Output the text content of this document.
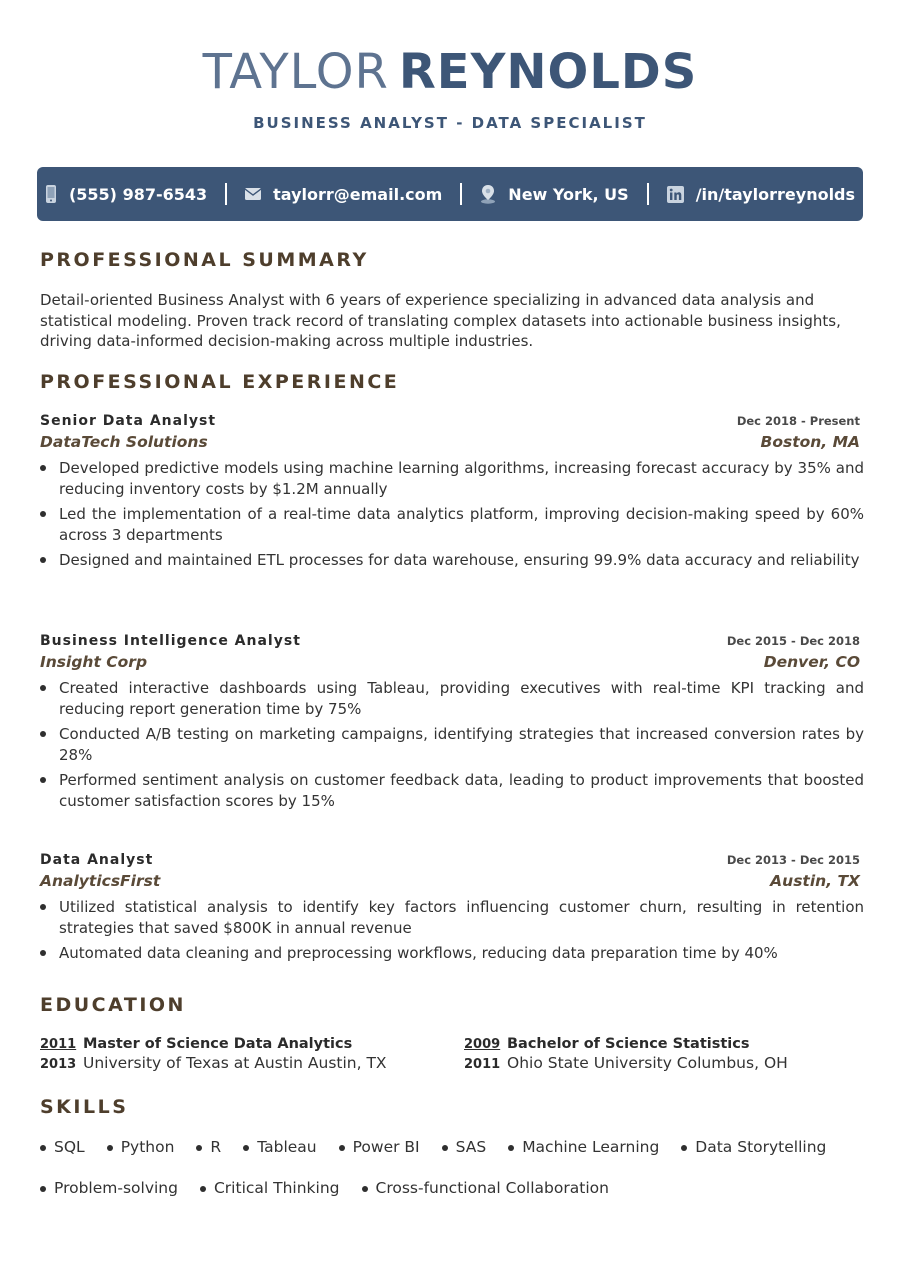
TAYLOR REYNOLDS
BUSINESS ANALYST - DATA SPECIALIST
(555) 987-6543	taylorr@email.com	New York, US	/in/taylorreynolds
PROFESSIONAL SUMMARY

Detail-oriented Business Analyst with 6 years of experience specializing in advanced data analysis and statistical modeling. Proven track record of translating complex datasets into actionable business insights, driving data-informed decision-making across multiple industries.

PROFESSIONAL EXPERIENCE
Senior Data Analyst	Dec 2018 - Present
DataTech Solutions	Boston, MA
Developed predictive models using machine learning algorithms, increasing forecast accuracy by 35% and reducing inventory costs by $1.2M annually
Led the implementation of a real-time data analytics platform, improving decision-making speed by 60% across 3 departments
Designed and maintained ETL processes for data warehouse, ensuring 99.9% data accuracy and reliability
Business Intelligence Analyst	Dec 2015 - Dec 2018
Insight Corp	Denver, CO
Created interactive dashboards using Tableau, providing executives with real-time KPI tracking and reducing report generation time by 75%
Conducted A/B testing on marketing campaigns, identifying strategies that increased conversion rates by 28%
Performed sentiment analysis on customer feedback data, leading to product improvements that boosted customer satisfaction scores by 15%
Data Analyst	Dec 2013 - Dec 2015
AnalyticsFirst	Austin, TX
Utilized statistical analysis to identify key factors influencing customer churn, resulting in retention strategies that saved $800K in annual revenue
Automated data cleaning and preprocessing workflows, reducing data preparation time by 40%
EDUCATION
2011 Master of Science Data Analytics
2013 University of Texas at Austin Austin, TX
2009 Bachelor of Science Statistics
2011 Ohio State University Columbus, OH
SKILLS
SQL	Python	R	Tableau	Power BI	SAS	Machine Learning	Data Storytelling
Problem-solving	Critical Thinking	Cross-functional Collaboration
